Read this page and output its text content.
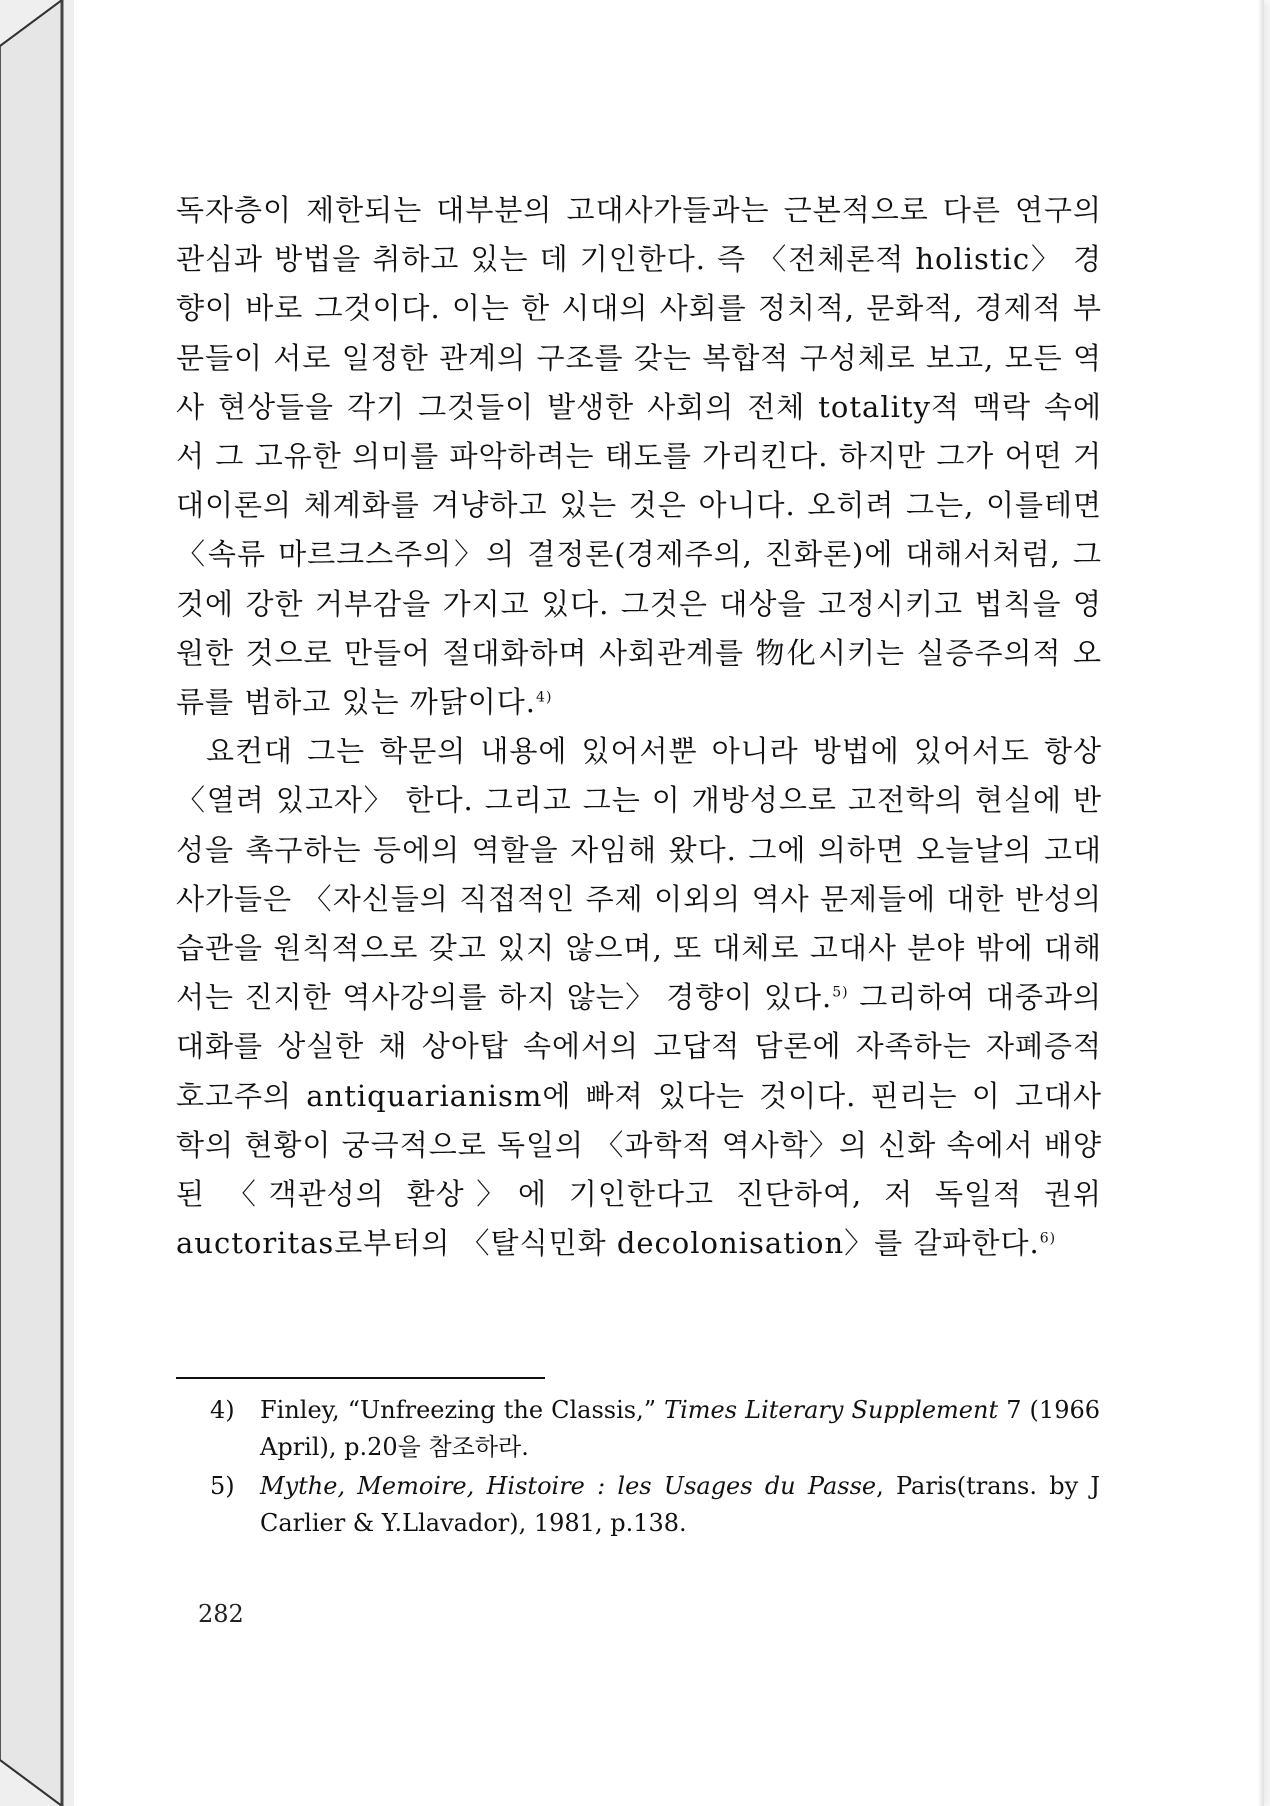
독자층이 제한되는 대부분의 고대사가들과는 근본적으로 다른 연구의 관심과 방법을 취하고 있는 데 기인한다. 즉 〈전체론적 holistic〉 경향이 바로 그것이다. 이는 한 시대의 사회를 정치적, 문화적, 경제적 부문들이 서로 일정한 관계의 구조를 갖는 복합적 구성체로 보고, 모든 역사 현상들을 각기 그것들이 발생한 사회의 전체 totality적 맥락 속에서 그 고유한 의미를 파악하려는 태도를 가리킨다. 하지만 그가 어떤 거대이론의 체계화를 겨냥하고 있는 것은 아니다. 오히려 그는, 이를테면 〈속류 마르크스주의〉의 결정론(경제주의, 진화론)에 대해서처럼, 그것에 강한 거부감을 가지고 있다. 그것은 대상을 고정시키고 법칙을 영원한 것으로 만들어 절대화하며 사회관계를 物化시키는 실증주의적 오류를 범하고 있는 까닭이다.$^{4)}$

요컨대 그는 학문의 내용에 있어서뿐 아니라 방법에 있어서도 항상 〈열려 있고자〉 한다. 그리고 그는 이 개방성으로 고전학의 현실에 반성을 촉구하는 등에의 역할을 자임해 왔다. 그에 의하면 오늘날의 고대사가들은 〈자신들의 직접적인 주제 이외의 역사 문제들에 대한 반성의 습관을 원칙적으로 갖고 있지 않으며, 또 대체로 고대사 분야 밖에 대해서는 진지한 역사강의를 하지 않는〉 경향이 있다.$^{5)}$ 그리하여 대중과의 대화를 상실한 채 상아탑 속에서의 고답적 담론에 자족하는 자폐증적 호고주의 antiquarianism에 빠져 있다는 것이다. 핀리는 이 고대사학의 현황이 궁극적으로 독일의 〈과학적 역사학〉의 신화 속에서 배양된 〈객관성의 환상〉에 기인한다고 진단하여, 저 독일적 권위 auctoritas로부터의 〈탈식민화 decolonisation〉를 갈파한다.$^{6)}$

4) Finley, “Unfreezing the Classis,” Times Literary Supplement 7 (1966 April), p.20을 참조하라.
5) Mythe, Memoire, Histoire : les Usages du Passe, Paris(trans. by J Carlier & Y.Llavador), 1981, p.138.
282
